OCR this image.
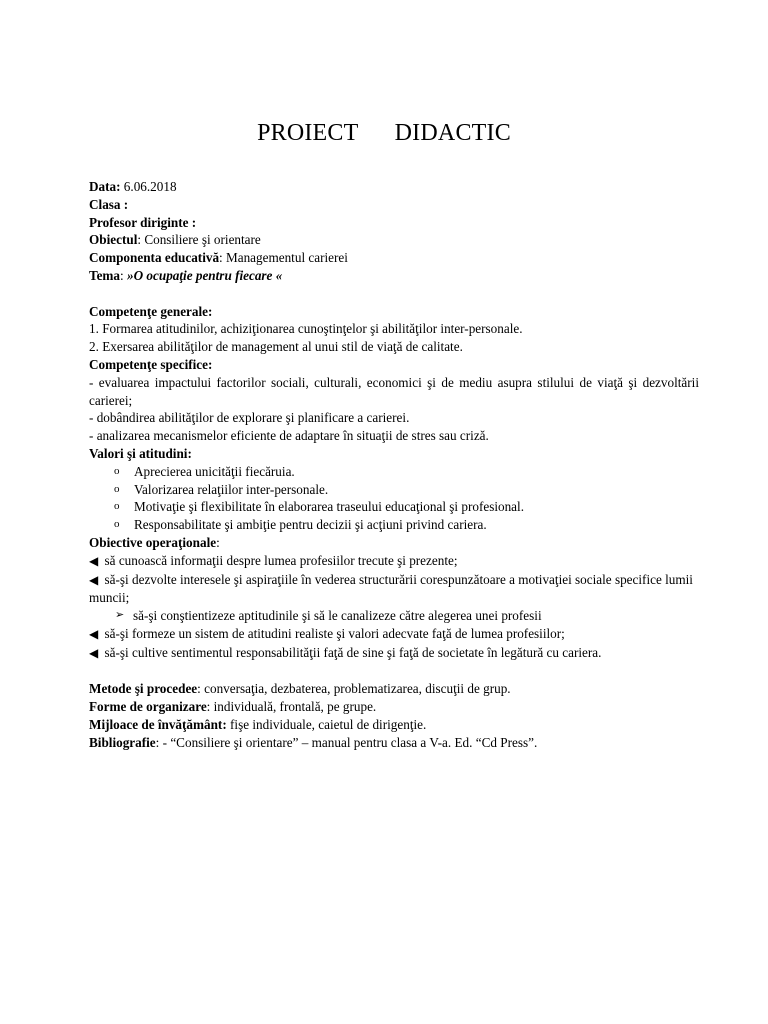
PROIECT   DIDACTIC
Data: 6.06.2018
Clasa :
Profesor diriginte :
Obiectul: Consiliere şi orientare
Componenta educativă: Managementul carierei
Tema: »O ocupaţie pentru fiecare «
Competenţe generale:
1. Formarea atitudinilor, achiziţionarea cunoştinţelor şi abilităţilor inter-personale.
2. Exersarea abilităţilor de management al unui stil de viaţă de calitate.
Competenţe specifice:
- evaluarea impactului factorilor sociali, culturali, economici şi de mediu asupra stilului de viaţă şi dezvoltării carierei;
- dobândirea abilităţilor de explorare şi planificare a carierei.
- analizarea mecanismelor eficiente de adaptare în situaţii de stres sau criză.
Valori şi atitudini:
o	Aprecierea unicităţii fiecăruia.
o	Valorizarea relaţiilor inter-personale.
o	Motivaţie şi flexibilitate în elaborarea traseului educaţional şi profesional.
o	Responsabilitate şi ambiţie pentru decizii şi acţiuni privind cariera.
Obiective operaţionale:
◀ să cunoască informaţii despre lumea profesiilor trecute şi prezente;
◀ să-şi dezvolte interesele şi aspiraţiile în vederea structurării corespunzătoare a motivaţiei sociale specifice lumii muncii;
➢ să-şi conştientizeze aptitudinile şi să le canalizeze către alegerea unei profesii
◀ să-şi formeze un sistem de atitudini realiste şi valori adecvate faţă de lumea profesiilor;
◀ să-şi cultive sentimentul responsabilităţii faţă de sine şi faţă de societate în legătură cu cariera.
Metode şi procedee: conversaţia, dezbaterea, problematizarea, discuţii de grup.
Forme de organizare: individuală, frontală, pe grupe.
Mijloace de învăţământ: fişe individuale, caietul de dirigenţie.
Bibliografie: - “Consiliere şi orientare” – manual pentru clasa a V-a. Ed. “Cd Press”.
